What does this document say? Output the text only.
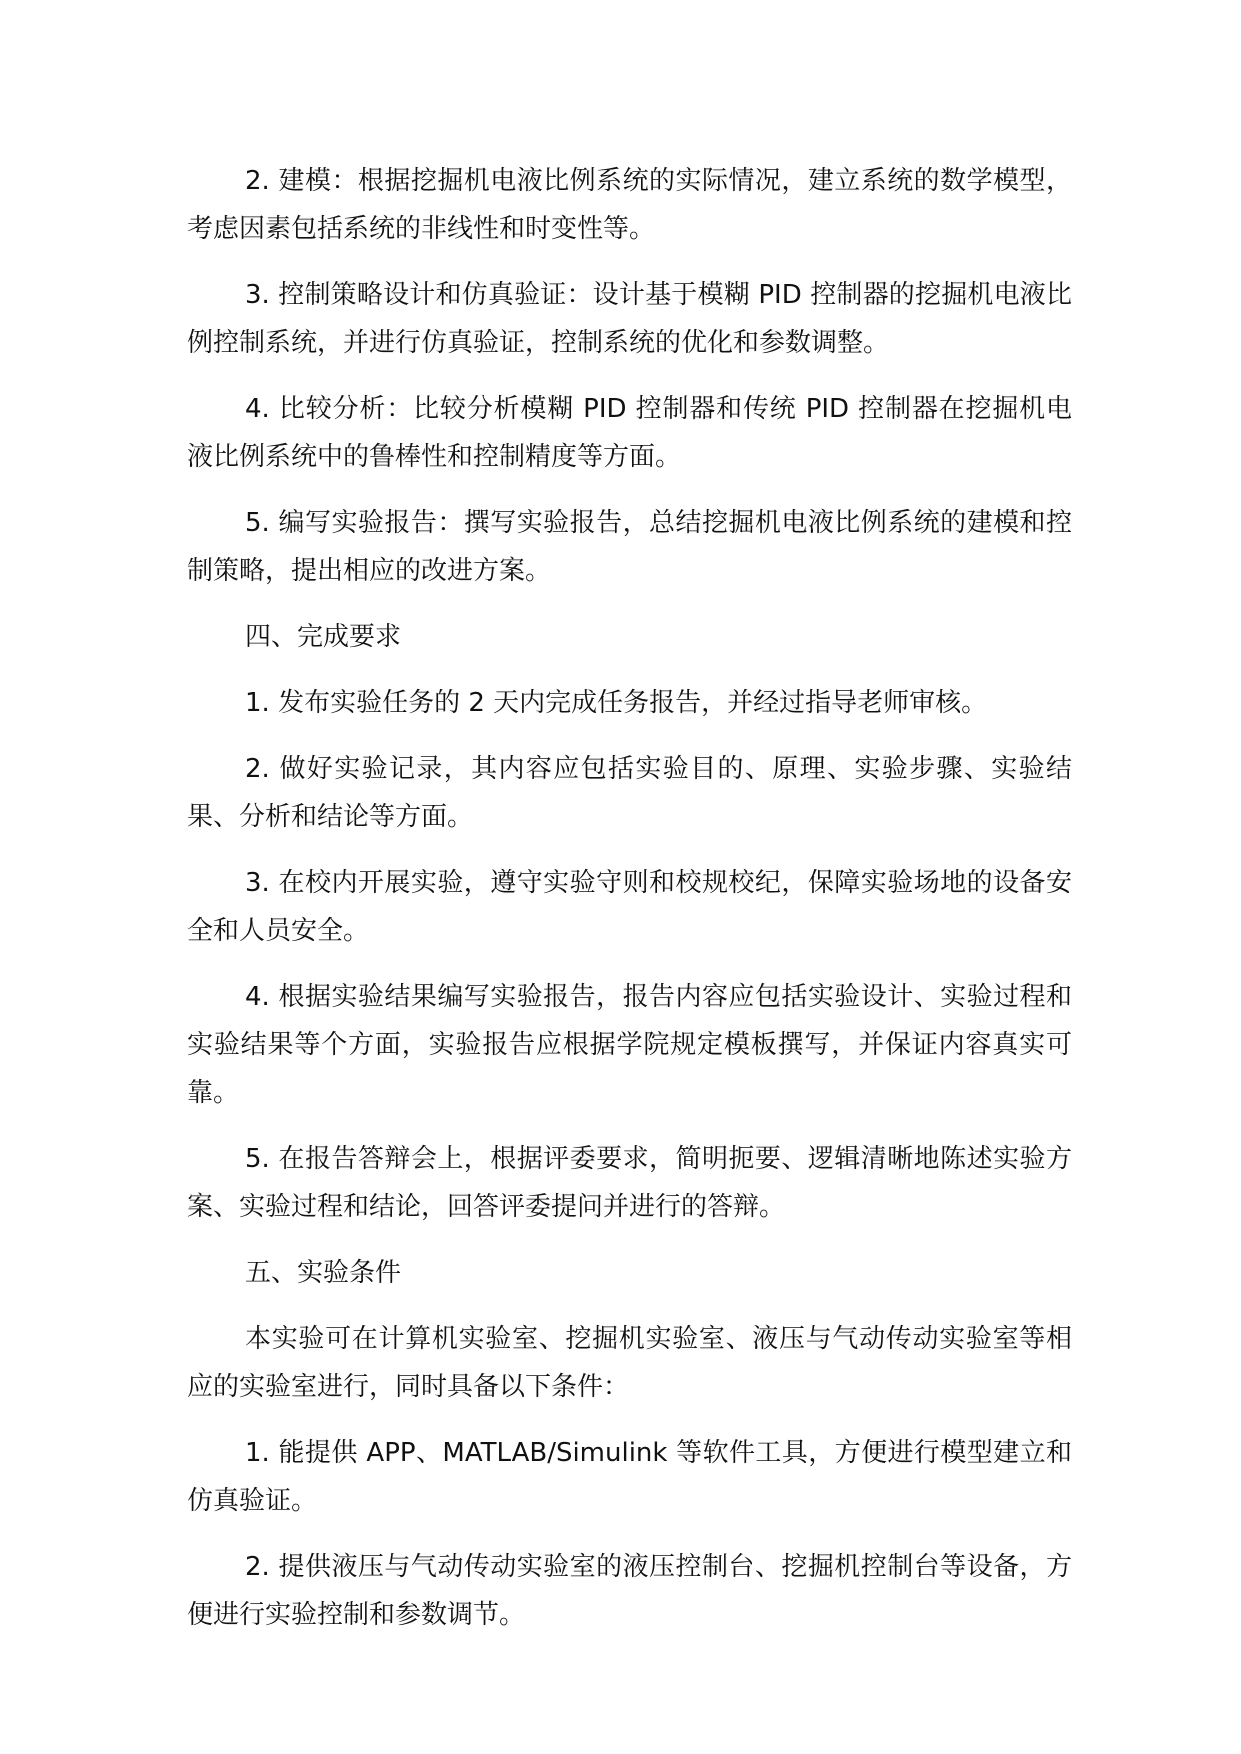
2. 建模：根据挖掘机电液比例系统的实际情况，建立系统的数学模型，考虑因素包括系统的非线性和时变性等。

3. 控制策略设计和仿真验证：设计基于模糊 PID 控制器的挖掘机电液比例控制系统，并进行仿真验证，控制系统的优化和参数调整。

4. 比较分析：比较分析模糊 PID 控制器和传统 PID 控制器在挖掘机电液比例系统中的鲁棒性和控制精度等方面。

5. 编写实验报告：撰写实验报告，总结挖掘机电液比例系统的建模和控制策略，提出相应的改进方案。

四、完成要求

1. 发布实验任务的 2 天内完成任务报告，并经过指导老师审核。

2. 做好实验记录，其内容应包括实验目的、原理、实验步骤、实验结果、分析和结论等方面。

3. 在校内开展实验，遵守实验守则和校规校纪，保障实验场地的设备安全和人员安全。

4. 根据实验结果编写实验报告，报告内容应包括实验设计、实验过程和实验结果等个方面，实验报告应根据学院规定模板撰写，并保证内容真实可靠。

5. 在报告答辩会上，根据评委要求，简明扼要、逻辑清晰地陈述实验方案、实验过程和结论，回答评委提问并进行的答辩。

五、实验条件

本实验可在计算机实验室、挖掘机实验室、液压与气动传动实验室等相应的实验室进行，同时具备以下条件：

1. 能提供 APP、MATLAB/Simulink 等软件工具，方便进行模型建立和仿真验证。

2. 提供液压与气动传动实验室的液压控制台、挖掘机控制台等设备，方便进行实验控制和参数调节。
